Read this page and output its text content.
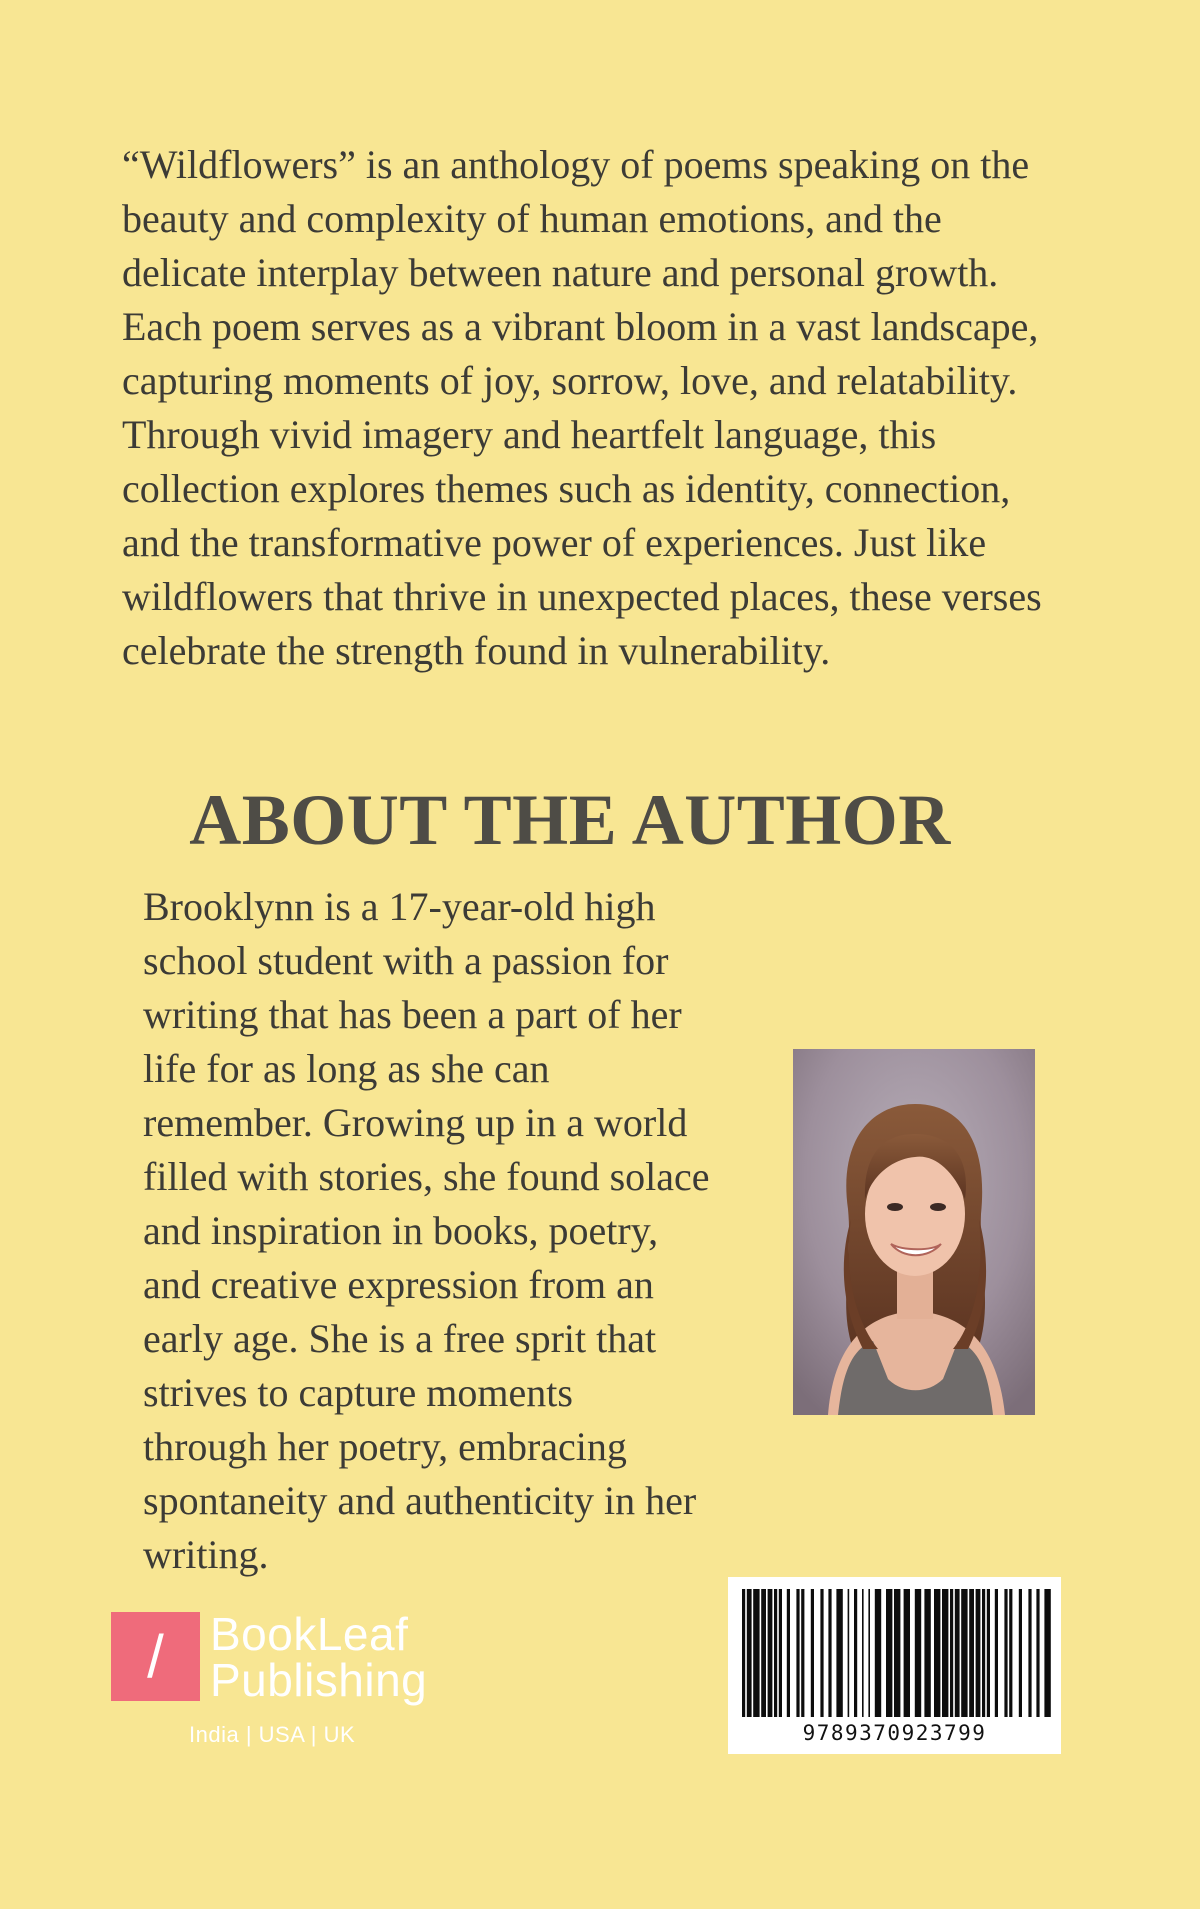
“Wildflowers” is an anthology of poems speaking on the
beauty and complexity of human emotions, and the
delicate interplay between nature and personal growth.
Each poem serves as a vibrant bloom in a vast landscape,
capturing moments of joy, sorrow, love, and relatability.
Through vivid imagery and heartfelt language, this
collection explores themes such as identity, connection,
and the transformative power of experiences. Just like
wildflowers that thrive in unexpected places, these verses
celebrate the strength found in vulnerability.

ABOUT THE AUTHOR

Brooklynn is a 17-year-old high
school student with a passion for
writing that has been a part of her
life for as long as she can
remember. Growing up in a world
filled with stories, she found solace
and inspiration in books, poetry,
and creative expression from an
early age. She is a free sprit that
strives to capture moments
through her poetry, embracing
spontaneity and authenticity in her
writing.

/	BookLeaf
Publishing
India | USA | UK	9789370923799
